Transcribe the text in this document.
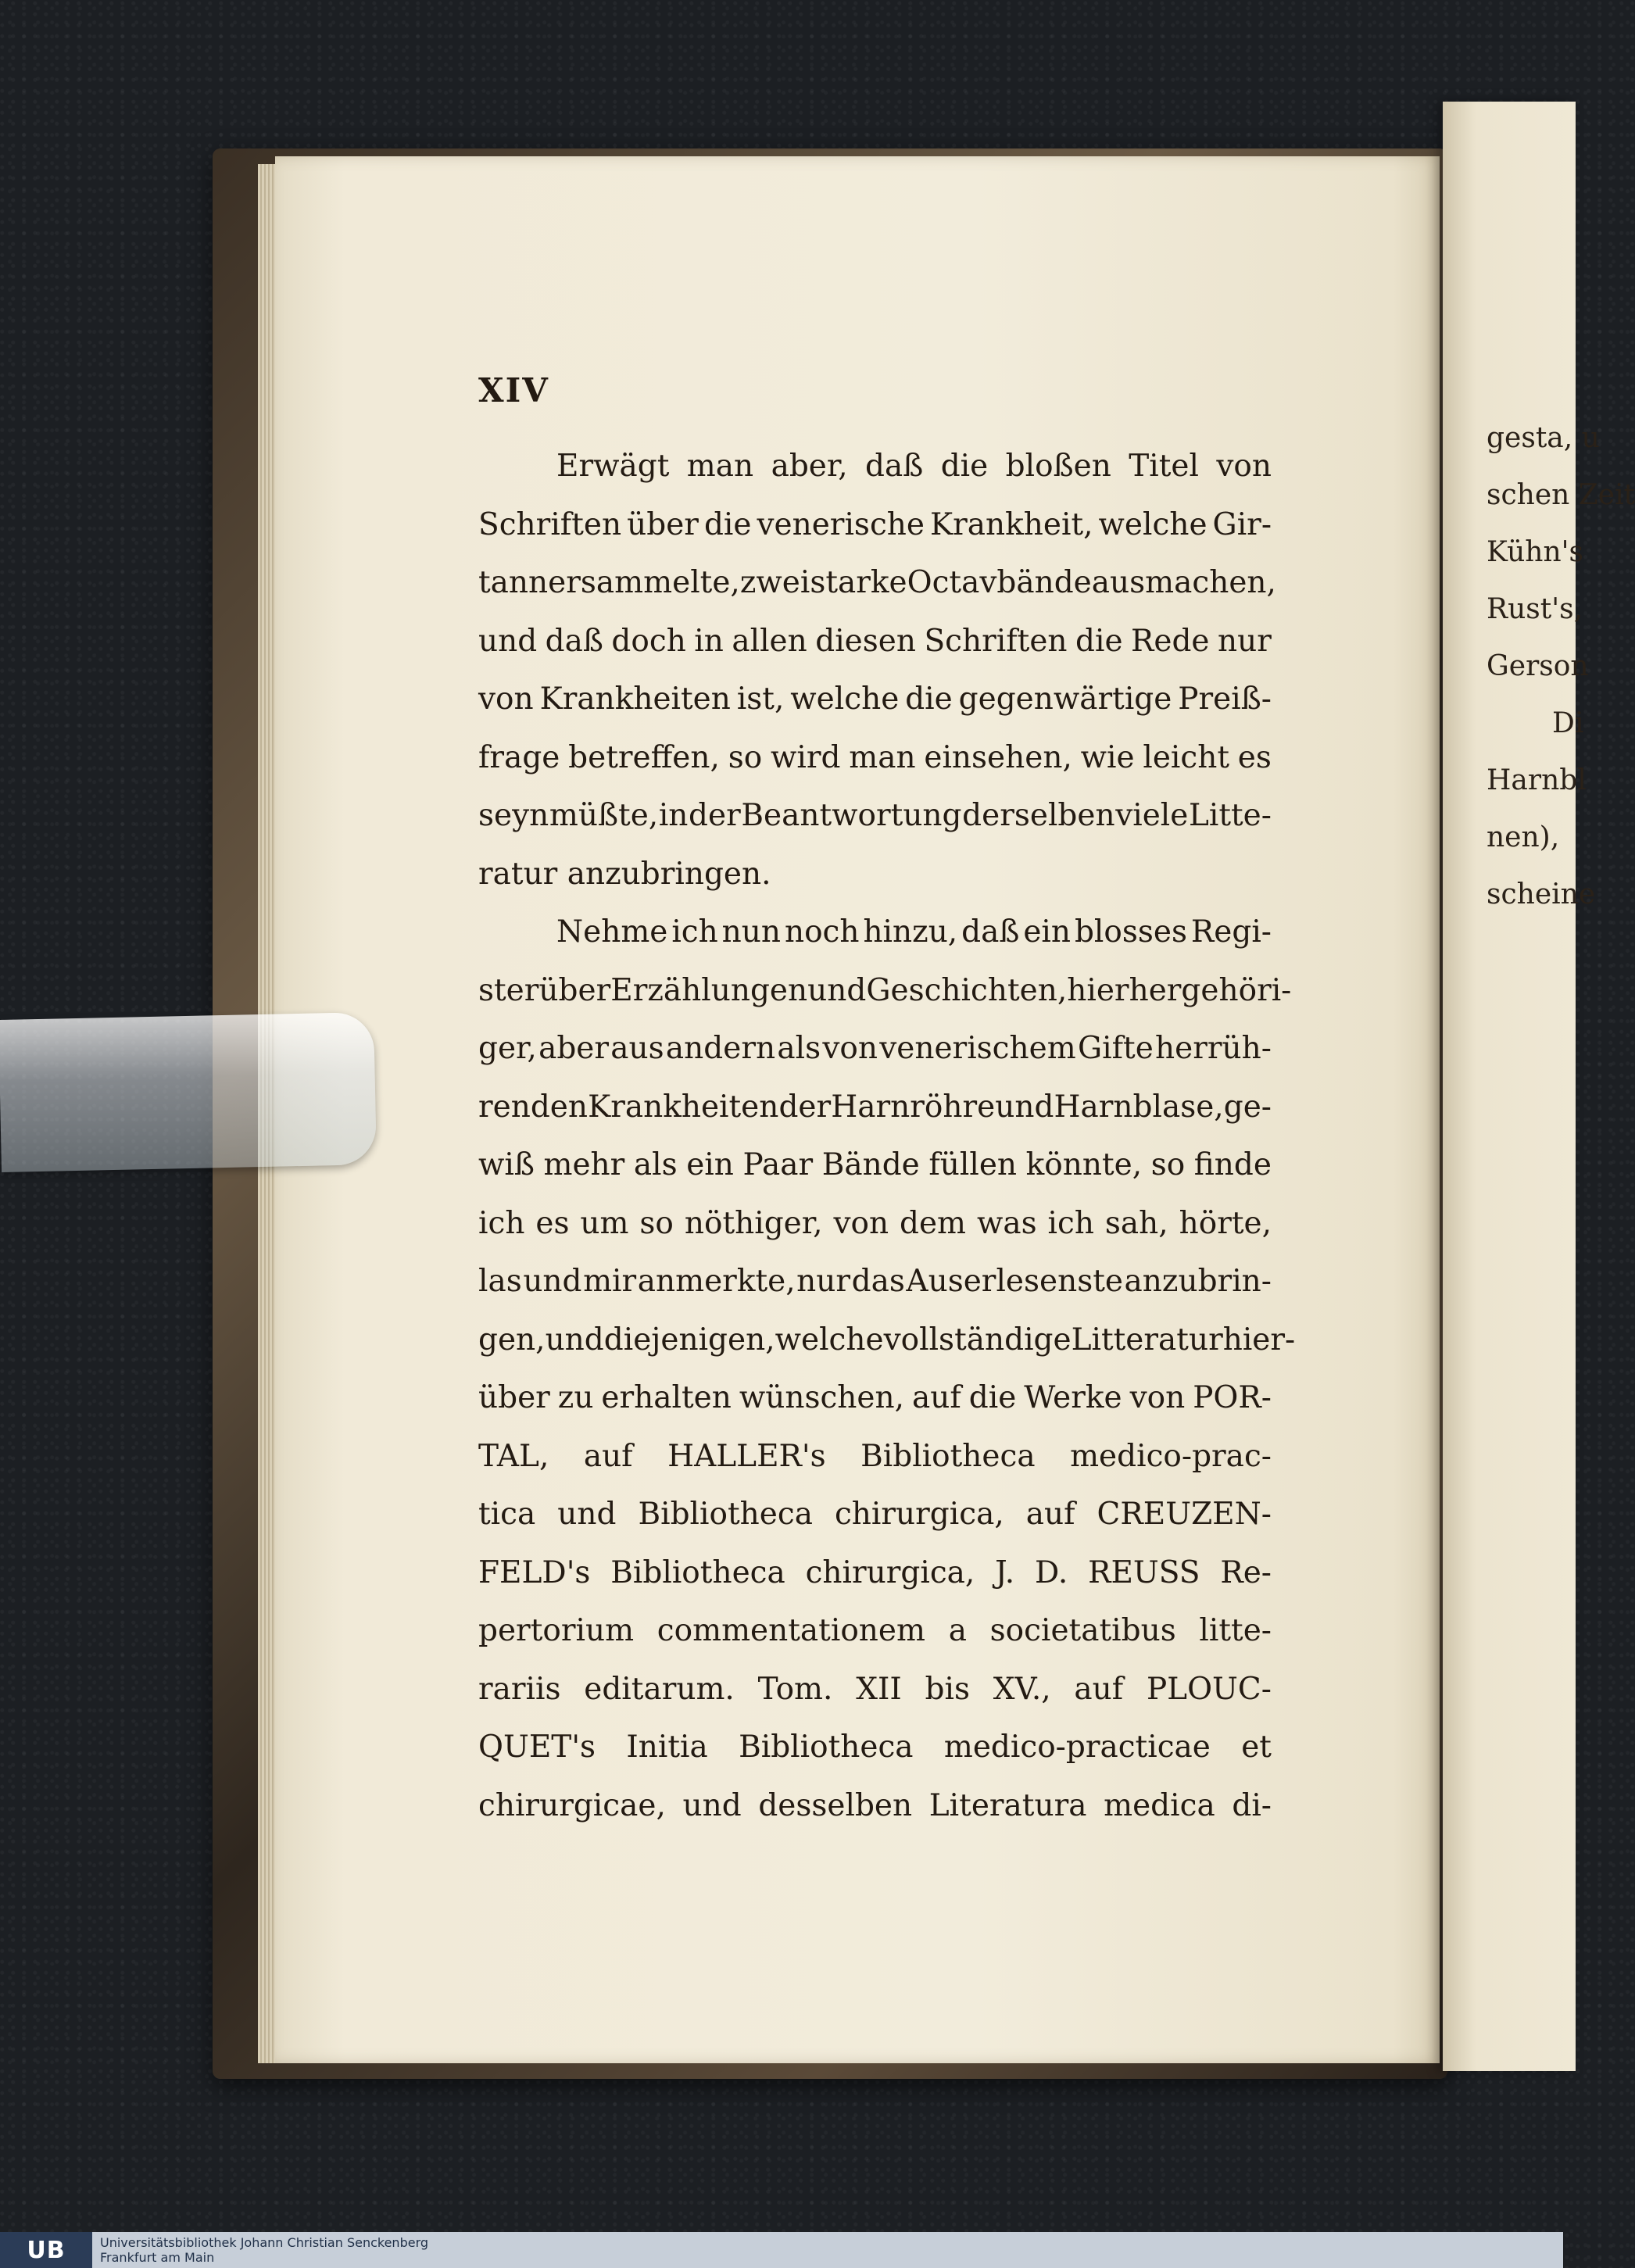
gesta, u
schen Zeit
Kühn's
Rust's,
Gerson
Di
Harnbl
nen),
scheine
XIV
Erwägt man aber, daß die bloßen Titel von
Schriften über die venerische Krankheit, welche Gir-
tanner sammelte, zwei starke Octavbände ausmachen,
und daß doch in allen diesen Schriften die Rede nur
von Krankheiten ist, welche die gegenwärtige Preiß-
frage betreffen, so wird man einsehen, wie leicht es
seyn müßte, in der Beantwortung derselben viele Litte-
ratur anzubringen.
Nehme ich nun noch hinzu, daß ein blosses Regi-
ster über Erzählungen und Geschichten, hierher gehöri-
ger, aber aus andern als von venerischem Gifte herrüh-
renden Krankheiten der Harnröhre und Harnblase, ge-
wiß mehr als ein Paar Bände füllen könnte, so finde
ich es um so nöthiger, von dem was ich sah, hörte,
las und mir anmerkte, nur das Auserlesenste anzubrin-
gen, und diejenigen, welche vollständige Litteratur hier-
über zu erhalten wünschen, auf die Werke von POR-
TAL, auf HALLER's Bibliotheca medico-prac-
tica und Bibliotheca chirurgica, auf CREUZEN-
FELD's Bibliotheca chirurgica, J. D. REUSS Re-
pertorium commentationem a societatibus litte-
rariis editarum. Tom. XII bis XV., auf PLOUC-
QUET's Initia Bibliotheca medico-practicae et
chirurgicae, und desselben Literatura medica di-
UB	Universitätsbibliothek Johann Christian Senckenberg
Frankfurt am Main
